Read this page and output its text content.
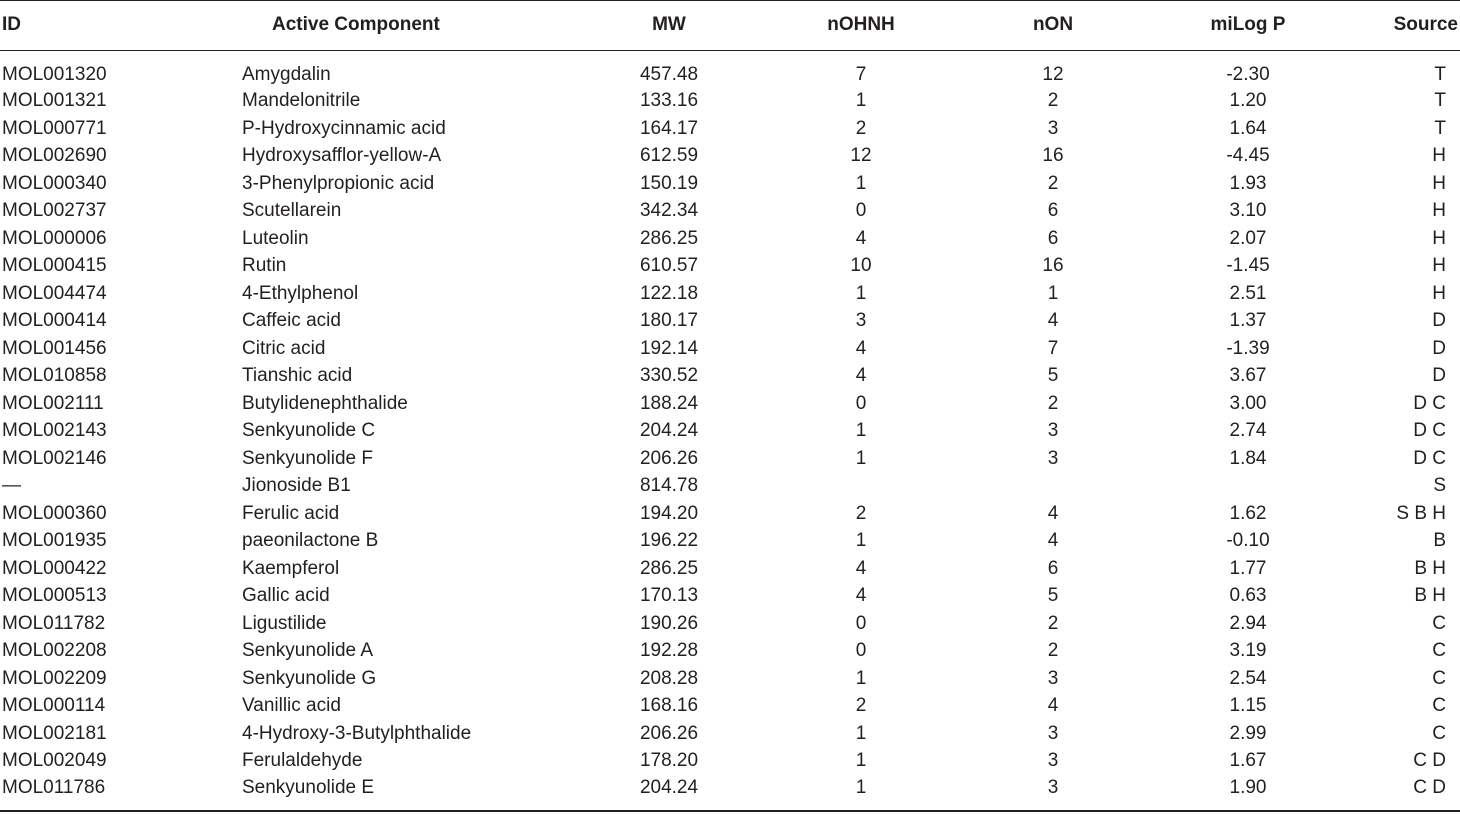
ID	Active Component	MW	nOHNH	nON	miLog P	Source
MOL001320	Amygdalin	457.48	7	12	-2.30	T
MOL001321	Mandelonitrile	133.16	1	2	1.20	T
MOL000771	P-Hydroxycinnamic acid	164.17	2	3	1.64	T
MOL002690	Hydroxysafflor-yellow-A	612.59	12	16	-4.45	H
MOL000340	3-Phenylpropionic acid	150.19	1	2	1.93	H
MOL002737	Scutellarein	342.34	0	6	3.10	H
MOL000006	Luteolin	286.25	4	6	2.07	H
MOL000415	Rutin	610.57	10	16	-1.45	H
MOL004474	4-Ethylphenol	122.18	1	1	2.51	H
MOL000414	Caffeic acid	180.17	3	4	1.37	D
MOL001456	Citric acid	192.14	4	7	-1.39	D
MOL010858	Tianshic acid	330.52	4	5	3.67	D
MOL002111	Butylidenephthalide	188.24	0	2	3.00	D C
MOL002143	Senkyunolide C	204.24	1	3	2.74	D C
MOL002146	Senkyunolide F	206.26	1	3	1.84	D C
—	Jionoside B1	814.78				S
MOL000360	Ferulic acid	194.20	2	4	1.62	S B H
MOL001935	paeonilactone B	196.22	1	4	-0.10	B
MOL000422	Kaempferol	286.25	4	6	1.77	B H
MOL000513	Gallic acid	170.13	4	5	0.63	B H
MOL011782	Ligustilide	190.26	0	2	2.94	C
MOL002208	Senkyunolide A	192.28	0	2	3.19	C
MOL002209	Senkyunolide G	208.28	1	3	2.54	C
MOL000114	Vanillic acid	168.16	2	4	1.15	C
MOL002181	4-Hydroxy-3-Butylphthalide	206.26	1	3	2.99	C
MOL002049	Ferulaldehyde	178.20	1	3	1.67	C D
MOL011786	Senkyunolide E	204.24	1	3	1.90	C D
